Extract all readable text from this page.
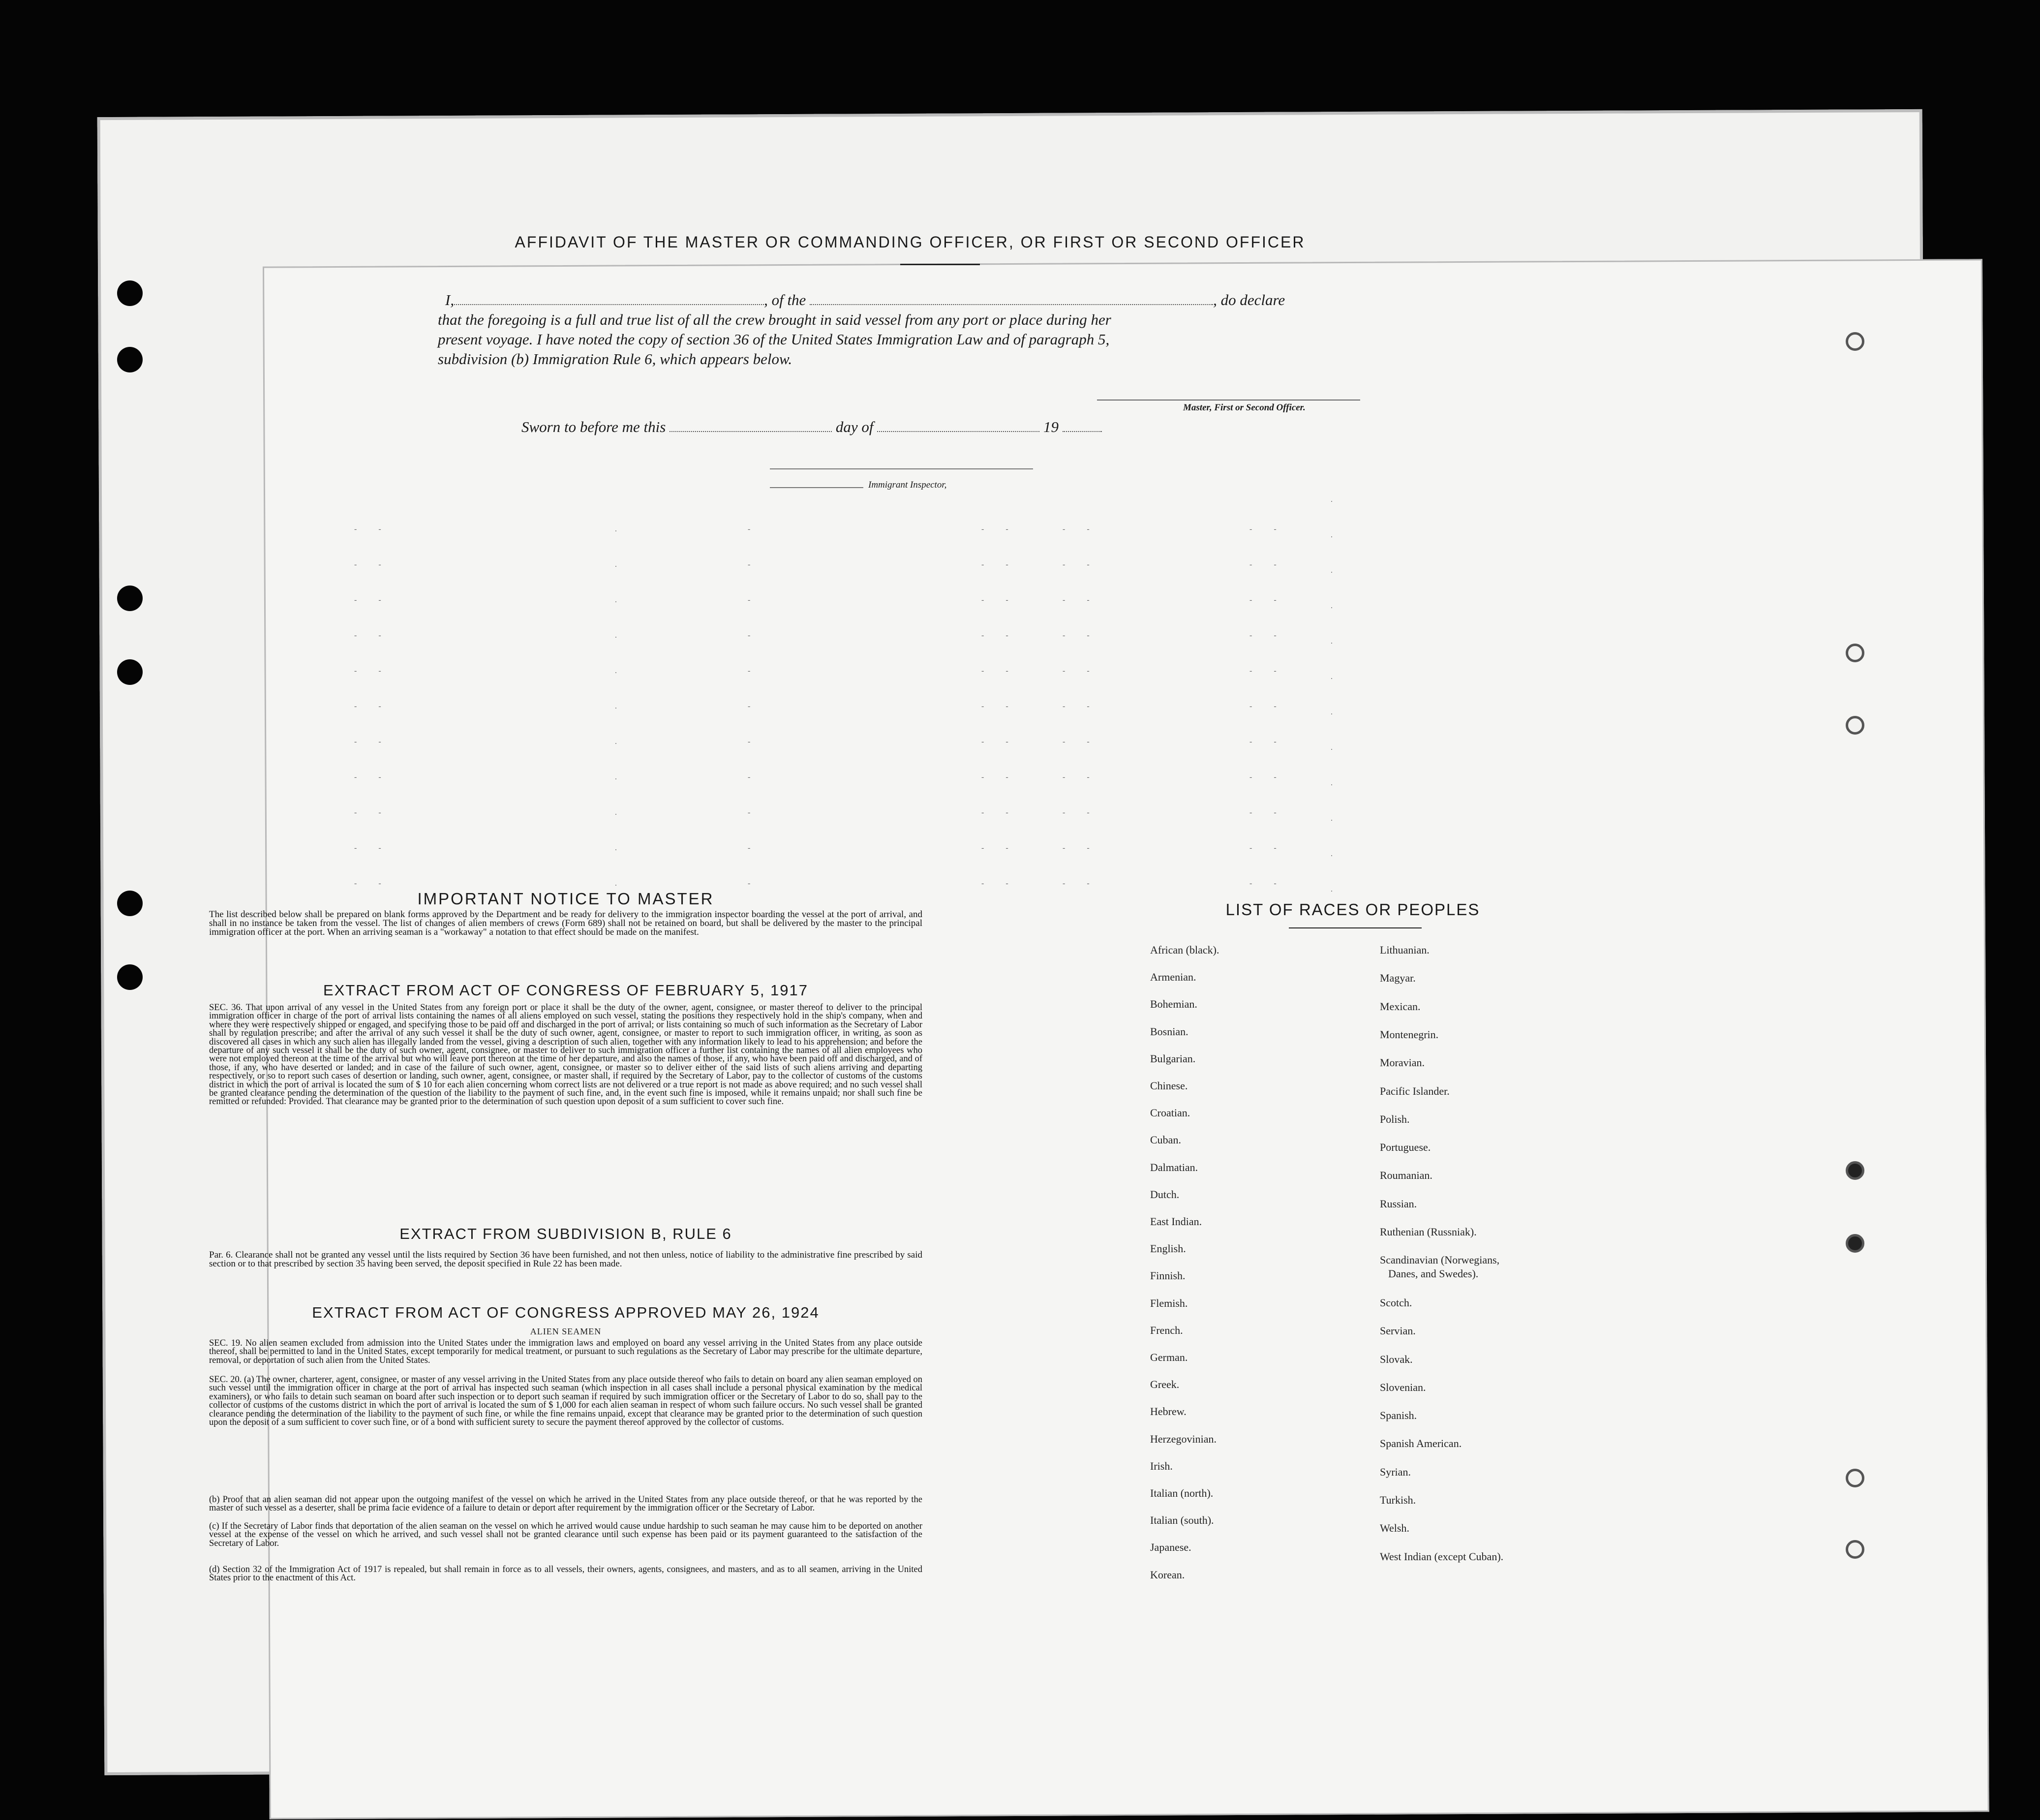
AFFIDAVIT OF THE MASTER OR COMMANDING OFFICER, OR FIRST OR SECOND OFFICER
I,	, of the	, do declare
that the foregoing is a full and true list of all the crew brought in said vessel from any port or place during her
present voyage. I have noted the copy of section 36 of the United States Immigration Law and of paragraph 5,
subdivision (b) Immigration Rule 6, which appears below.
Master, First or Second Officer.
Sworn to before me this	day of	19
Immigrant Inspector,
- -
- -
- -
- -
- -
- -
- -
- -
- -
- -
- -
.
.
.
.
.
.
.
.
.
.
.
-
-
-
-
-
-
-
-
-
-
-
- -
- -
- -
- -
- -
- -
- -
- -
- -
- -
- -
- -
- -
- -
- -
- -
- -
- -
- -
- -
- -
- -
- -
- -
- -
- -
- -
- -
- -
- -
- -
- -
- -
.
.
.
.
.
.
.
.
.
.
.
.
IMPORTANT NOTICE TO MASTER
The list described below shall be prepared on blank forms approved by the Department and be ready for delivery to the immigration inspector boarding the vessel at the port of arrival, and shall in no instance be taken from the vessel. The list of changes of alien members of crews (Form 689) shall not be retained on board, but shall be delivered by the master to the principal immigration officer at the port. When an arriving seaman is a "workaway" a notation to that effect should be made on the manifest.
EXTRACT FROM ACT OF CONGRESS OF FEBRUARY 5, 1917
SEC. 36. That upon arrival of any vessel in the United States from any foreign port or place it shall be the duty of the owner, agent, consignee, or master thereof to deliver to the principal immigration officer in charge of the port of arrival lists containing the names of all aliens employed on such vessel, stating the positions they respectively hold in the ship's company, when and where they were respectively shipped or engaged, and specifying those to be paid off and discharged in the port of arrival; or lists containing so much of such information as the Secretary of Labor shall by regulation prescribe; and after the arrival of any such vessel it shall be the duty of such owner, agent, consignee, or master to report to such immigration officer, in writing, as soon as discovered all cases in which any such alien has illegally landed from the vessel, giving a description of such alien, together with any information likely to lead to his apprehension; and before the departure of any such vessel it shall be the duty of such owner, agent, consignee, or master to deliver to such immigration officer a further list containing the names of all alien employees who were not employed thereon at the time of the arrival but who will leave port thereon at the time of her departure, and also the names of those, if any, who have been paid off and discharged, and of those, if any, who have deserted or landed; and in case of the failure of such owner, agent, consignee, or master so to deliver either of the said lists of such aliens arriving and departing respectively, or so to report such cases of desertion or landing, such owner, agent, consignee, or master shall, if required by the Secretary of Labor, pay to the collector of customs of the customs district in which the port of arrival is located the sum of $ 10 for each alien concerning whom correct lists are not delivered or a true report is not made as above required; and no such vessel shall be granted clearance pending the determination of the question of the liability to the payment of such fine, and, in the event such fine is imposed, while it remains unpaid; nor shall such fine be remitted or refunded: Provided. That clearance may be granted prior to the determination of such question upon deposit of a sum sufficient to cover such fine.
EXTRACT FROM SUBDIVISION B, RULE 6
Par. 6. Clearance shall not be granted any vessel until the lists required by Section 36 have been furnished, and not then unless, notice of liability to the administrative fine prescribed by said section or to that prescribed by section 35 having been served, the deposit specified in Rule 22 has been made.
EXTRACT FROM ACT OF CONGRESS APPROVED MAY 26, 1924
ALIEN SEAMEN
SEC. 19. No alien seamen excluded from admission into the United States under the immigration laws and employed on board any vessel arriving in the United States from any place outside thereof, shall be permitted to land in the United States, except temporarily for medical treatment, or pursuant to such regulations as the Secretary of Labor may prescribe for the ultimate departure, removal, or deportation of such alien from the United States.
SEC. 20. (a) The owner, charterer, agent, consignee, or master of any vessel arriving in the United States from any place outside thereof who fails to detain on board any alien seaman employed on such vessel until the immigration officer in charge at the port of arrival has inspected such seaman (which inspection in all cases shall include a personal physical examination by the medical examiners), or who fails to detain such seaman on board after such inspection or to deport such seaman if required by such immigration officer or the Secretary of Labor to do so, shall pay to the collector of customs of the customs district in which the port of arrival is located the sum of $ 1,000 for each alien seaman in respect of whom such failure occurs. No such vessel shall be granted clearance pending the determination of the liability to the payment of such fine, or while the fine remains unpaid, except that clearance may be granted prior to the determination of such question upon the deposit of a sum sufficient to cover such fine, or of a bond with sufficient surety to secure the payment thereof approved by the collector of customs.
(b) Proof that an alien seaman did not appear upon the outgoing manifest of the vessel on which he arrived in the United States from any place outside thereof, or that he was reported by the master of such vessel as a deserter, shall be prima facie evidence of a failure to detain or deport after requirement by the immigration officer or the Secretary of Labor.
(c) If the Secretary of Labor finds that deportation of the alien seaman on the vessel on which he arrived would cause undue hardship to such seaman he may cause him to be deported on another vessel at the expense of the vessel on which he arrived, and such vessel shall not be granted clearance until such expense has been paid or its payment guaranteed to the satisfaction of the Secretary of Labor.
(d) Section 32 of the Immigration Act of 1917 is repealed, but shall remain in force as to all vessels, their owners, agents, consignees, and masters, and as to all seamen, arriving in the United States prior to the enactment of this Act.
LIST OF RACES OR PEOPLES
African (black).
Armenian.
Bohemian.
Bosnian.
Bulgarian.
Chinese.
Croatian.
Cuban.
Dalmatian.
Dutch.
East Indian.
English.
Finnish.
Flemish.
French.
German.
Greek.
Hebrew.
Herzegovinian.
Irish.
Italian (north).
Italian (south).
Japanese.
Korean.
Lithuanian.
Magyar.
Mexican.
Montenegrin.
Moravian.
Pacific Islander.
Polish.
Portuguese.
Roumanian.
Russian.
Ruthenian (Russniak).
Scandinavian (Norwegians,
Danes, and Swedes).
Scotch.
Servian.
Slovak.
Slovenian.
Spanish.
Spanish American.
Syrian.
Turkish.
Welsh.
West Indian (except Cuban).
